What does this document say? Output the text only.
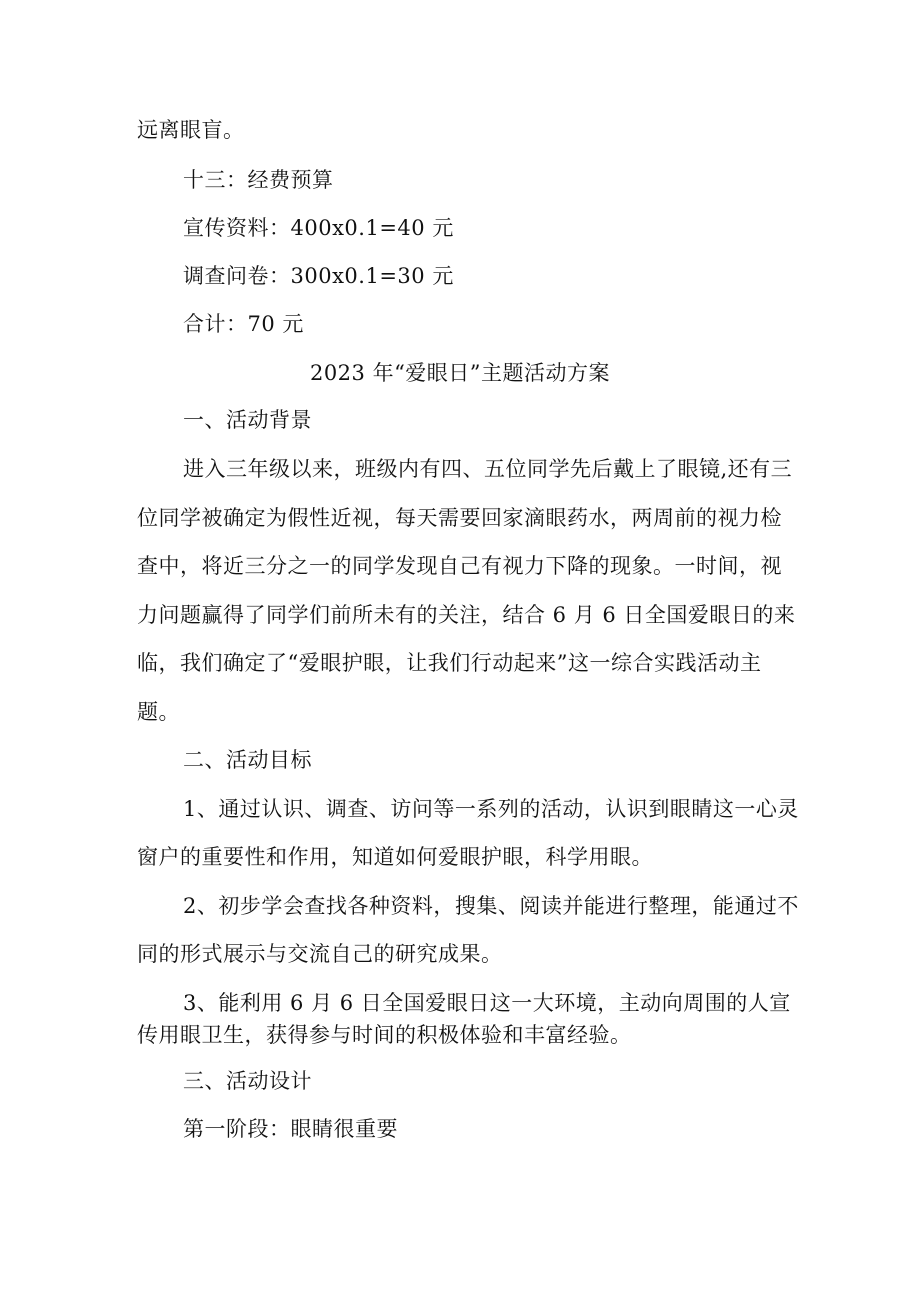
远离眼盲。
十三：经费预算
宣传资料：400x0.1=40 元
调查问卷：300x0.1=30 元
合计：70 元
2023 年“爱眼日”主题活动方案
一、活动背景
进入三年级以来，班级内有四、五位同学先后戴上了眼镜,还有三
位同学被确定为假性近视，每天需要回家滴眼药水，两周前的视力检
查中，将近三分之一的同学发现自己有视力下降的现象。一时间，视
力问题赢得了同学们前所未有的关注，结合 6 月 6 日全国爱眼日的来
临，我们确定了“爱眼护眼，让我们行动起来”这一综合实践活动主
题。
二、活动目标
1、通过认识、调查、访问等一系列的活动，认识到眼睛这一心灵
窗户的重要性和作用，知道如何爱眼护眼，科学用眼。
2、初步学会查找各种资料，搜集、阅读并能进行整理，能通过不
同的形式展示与交流自己的研究成果。
3、能利用 6 月 6 日全国爱眼日这一大环境，主动向周围的人宣
传用眼卫生，获得参与时间的积极体验和丰富经验。
三、活动设计
第一阶段：眼睛很重要
